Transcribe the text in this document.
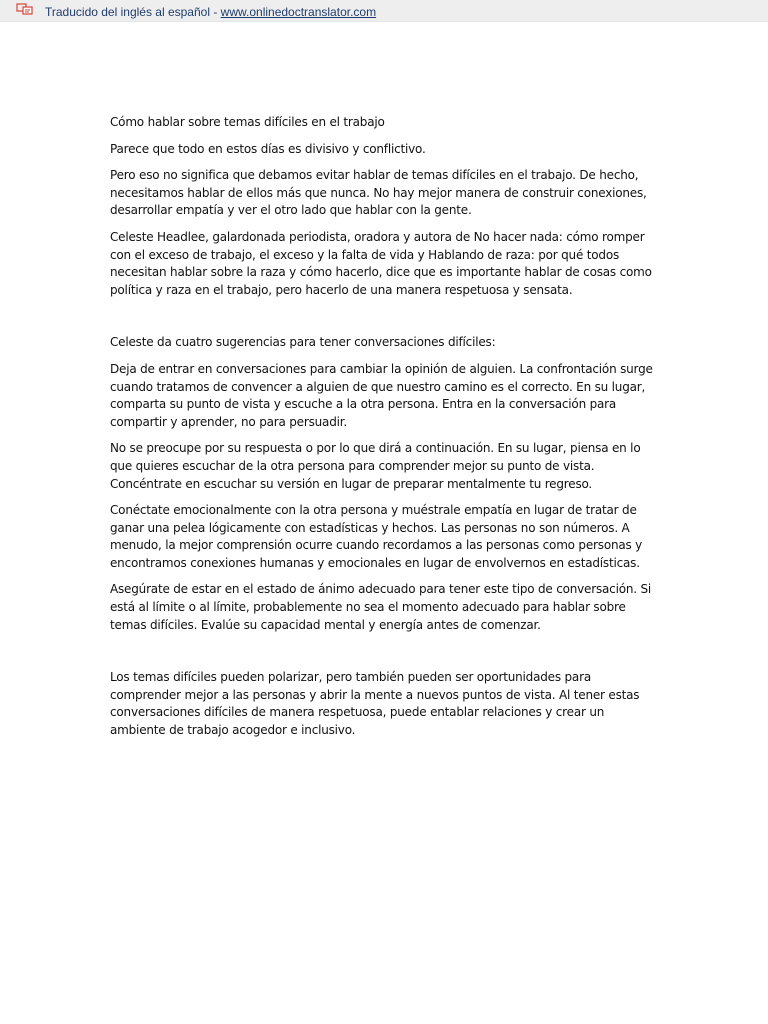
Traducido del inglés al español - www.onlinedoctranslator.com

Cómo hablar sobre temas difíciles en el trabajo

Parece que todo en estos días es divisivo y conflictivo.

Pero eso no significa que debamos evitar hablar de temas difíciles en el trabajo. De hecho, necesitamos hablar de ellos más que nunca. No hay mejor manera de construir conexiones, desarrollar empatía y ver el otro lado que hablar con la gente.

Celeste Headlee, galardonada periodista, oradora y autora de No hacer nada: cómo romper con el exceso de trabajo, el exceso y la falta de vida y Hablando de raza: por qué todos necesitan hablar sobre la raza y cómo hacerlo, dice que es importante hablar de cosas como política y raza en el trabajo, pero hacerlo de una manera respetuosa y sensata.

Celeste da cuatro sugerencias para tener conversaciones difíciles:

Deja de entrar en conversaciones para cambiar la opinión de alguien. La confrontación surge cuando tratamos de convencer a alguien de que nuestro camino es el correcto. En su lugar, comparta su punto de vista y escuche a la otra persona. Entra en la conversación para compartir y aprender, no para persuadir.

No se preocupe por su respuesta o por lo que dirá a continuación. En su lugar, piensa en lo que quieres escuchar de la otra persona para comprender mejor su punto de vista. Concéntrate en escuchar su versión en lugar de preparar mentalmente tu regreso.

Conéctate emocionalmente con la otra persona y muéstrale empatía en lugar de tratar de ganar una pelea lógicamente con estadísticas y hechos. Las personas no son números. A menudo, la mejor comprensión ocurre cuando recordamos a las personas como personas y encontramos conexiones humanas y emocionales en lugar de envolvernos en estadísticas.

Asegúrate de estar en el estado de ánimo adecuado para tener este tipo de conversación. Si está al límite o al límite, probablemente no sea el momento adecuado para hablar sobre temas difíciles. Evalúe su capacidad mental y energía antes de comenzar.

Los temas difíciles pueden polarizar, pero también pueden ser oportunidades para comprender mejor a las personas y abrir la mente a nuevos puntos de vista. Al tener estas conversaciones difíciles de manera respetuosa, puede entablar relaciones y crear un ambiente de trabajo acogedor e inclusivo.
